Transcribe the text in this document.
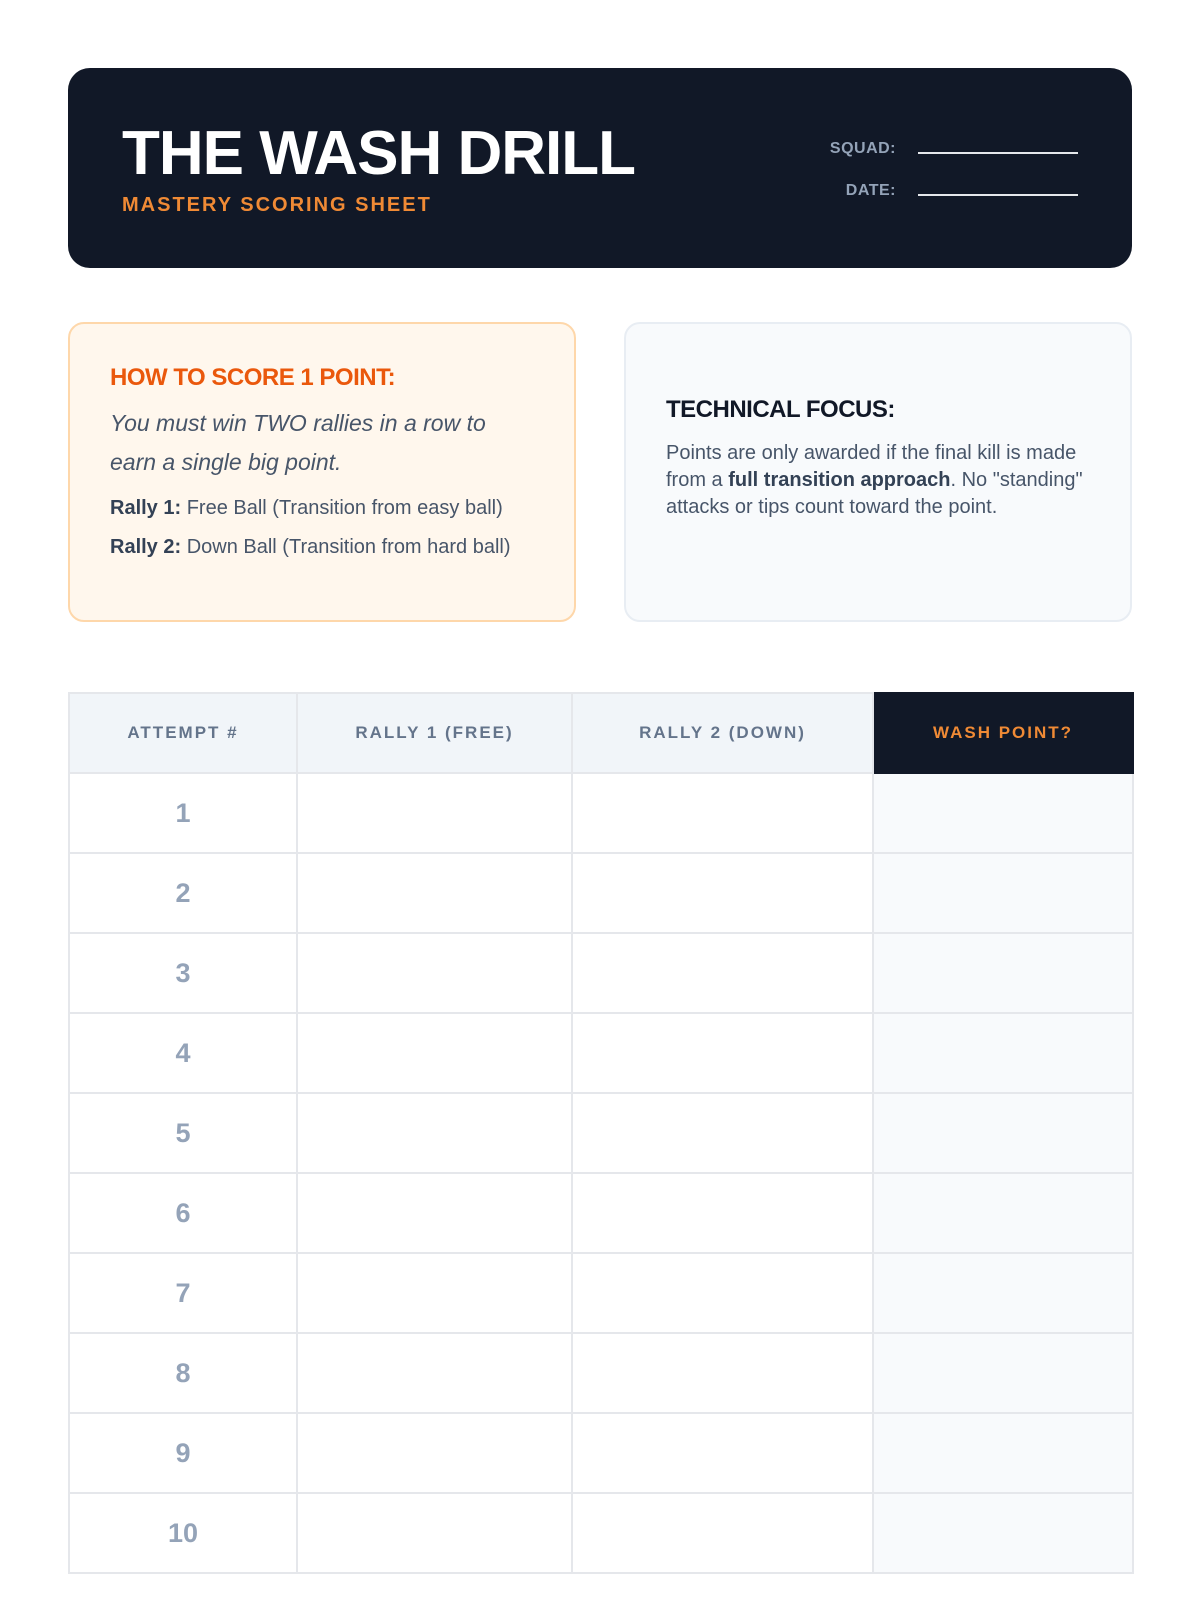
THE WASH DRILL
MASTERY SCORING SHEET
SQUAD:
DATE:
HOW TO SCORE 1 POINT:

You must win TWO rallies in a row to earn a single big point.

Rally 1: Free Ball (Transition from easy ball)

Rally 2: Down Ball (Transition from hard ball)

TECHNICAL FOCUS:

Points are only awarded if the final kill is made from a full transition approach. No "standing" attacks or tips count toward the point.

ATTEMPT #	RALLY 1 (FREE)	RALLY 2 (DOWN)	WASH POINT?
1			
2			
3			
4			
5			
6			
7			
8			
9			
10			
